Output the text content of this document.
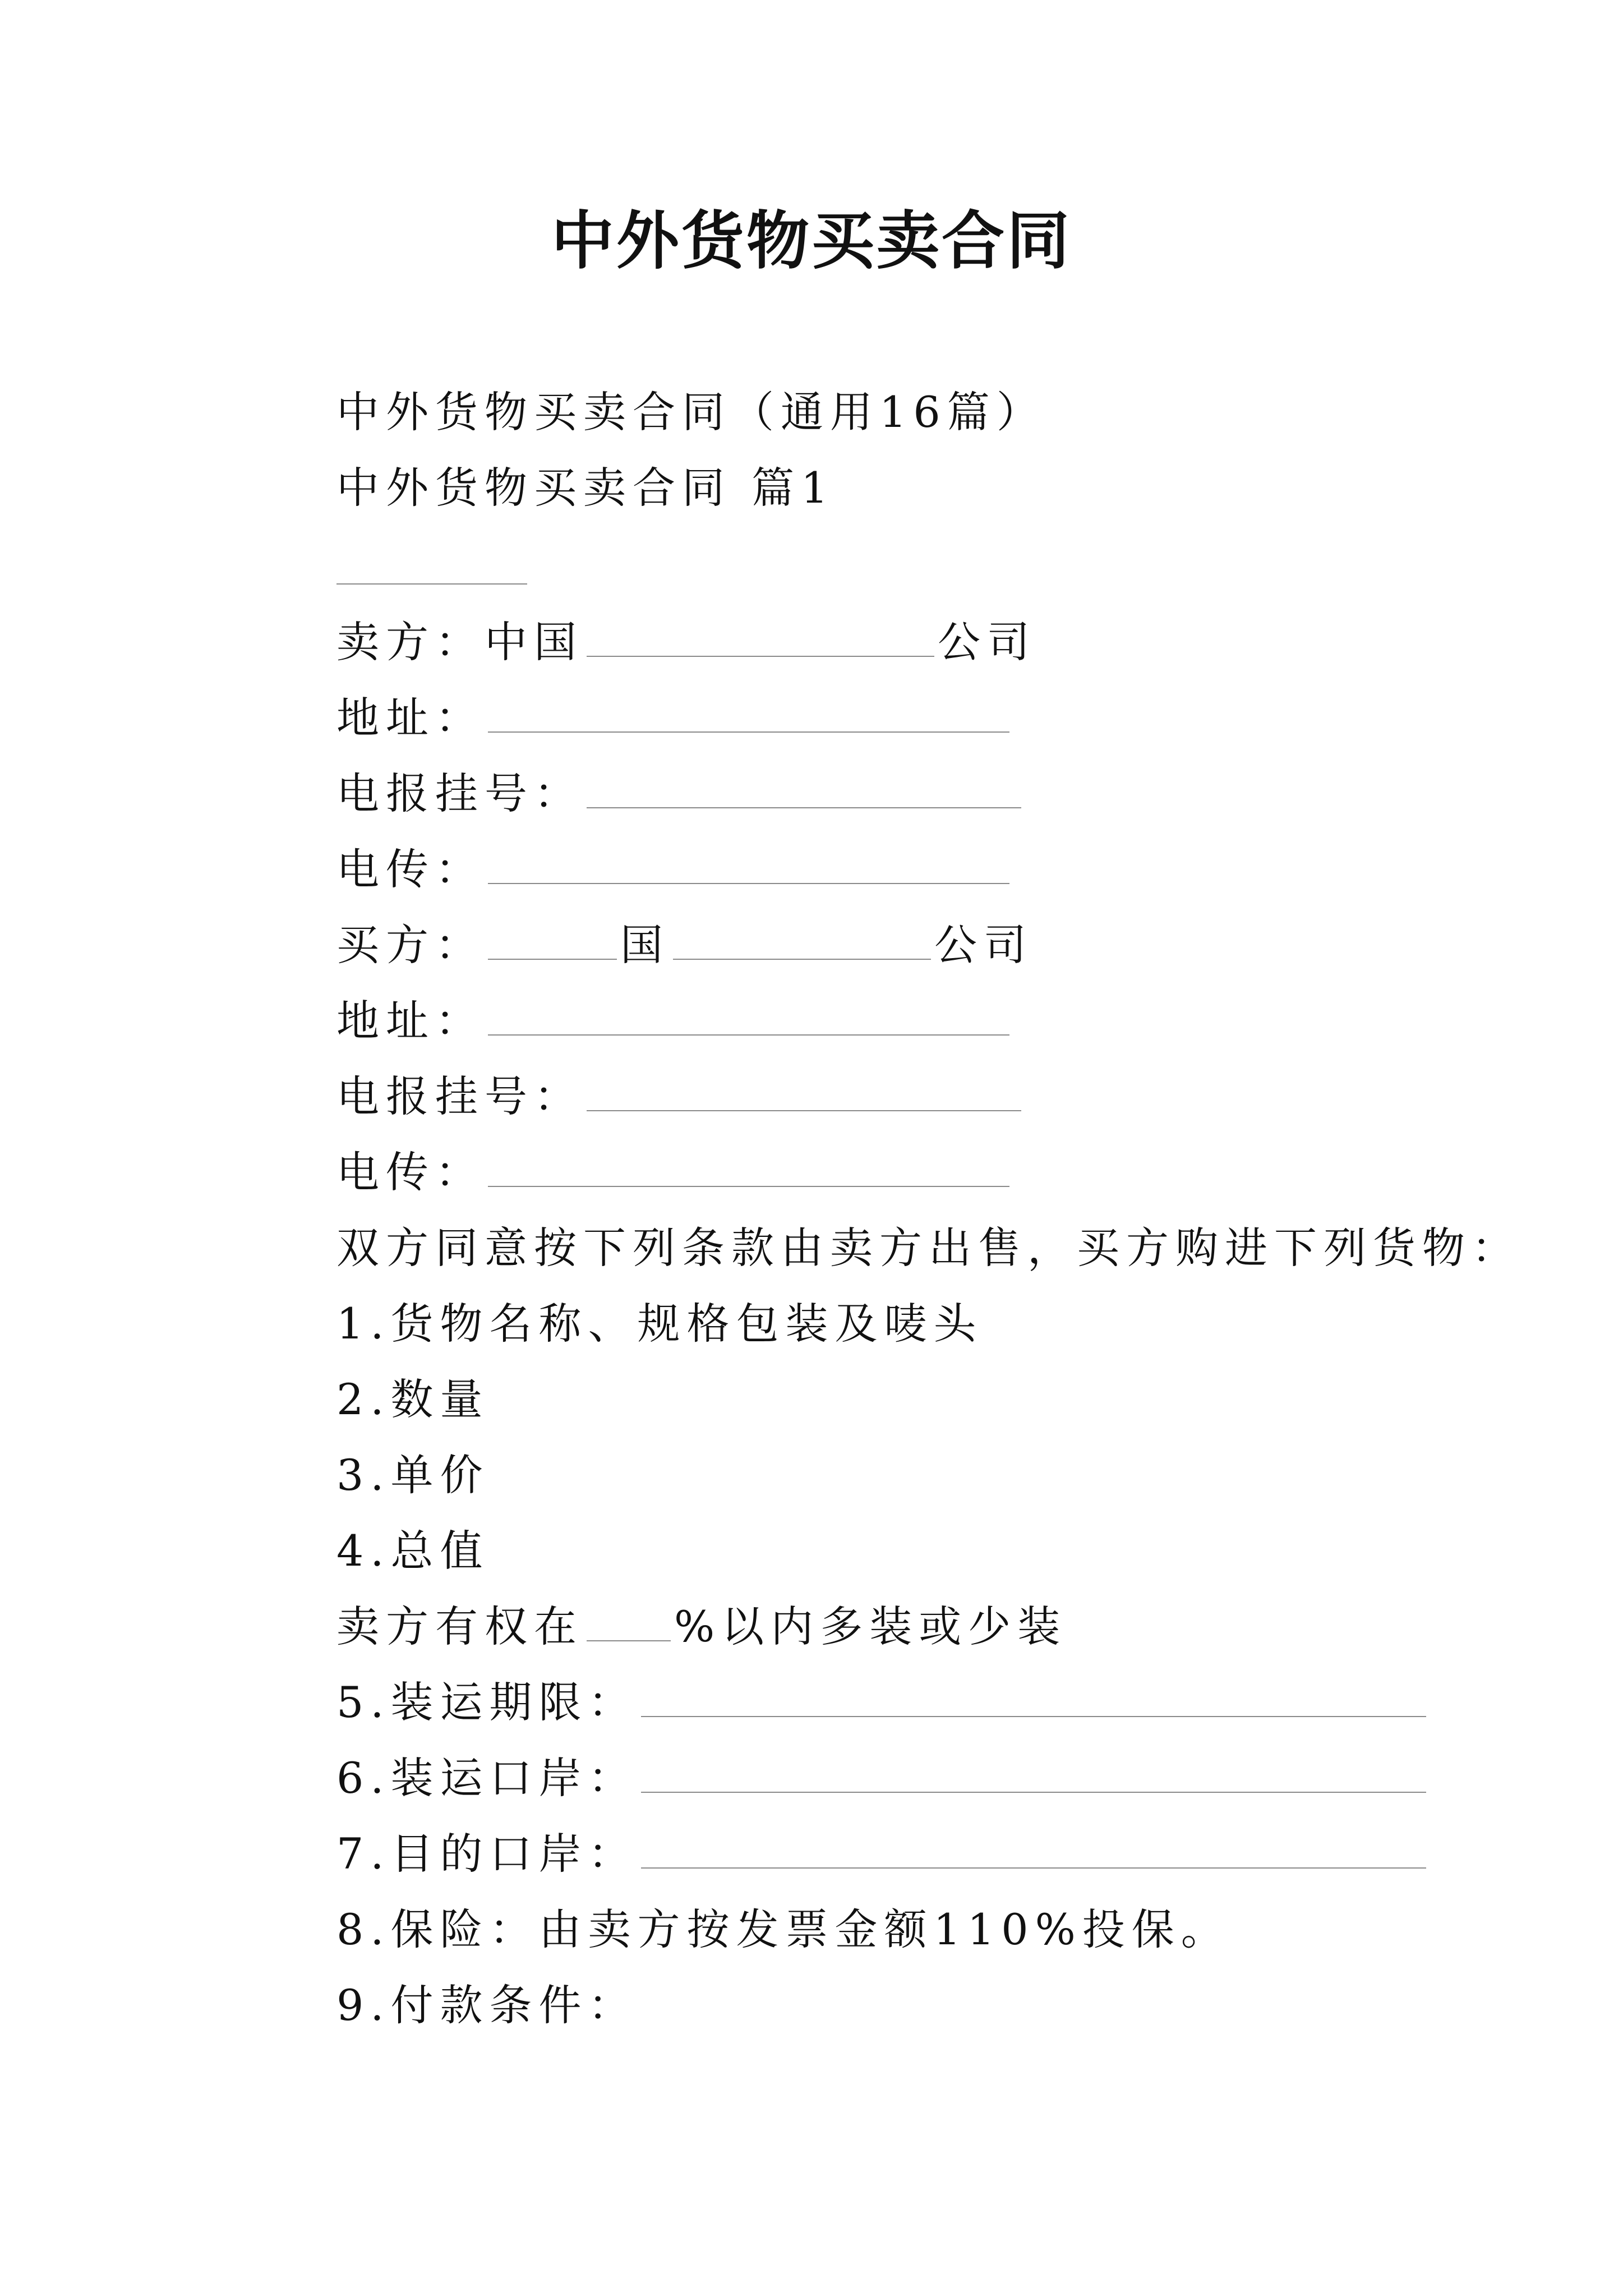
中外货物买卖合同
中外货物买卖合同（通用16篇）
中外货物买卖合同 篇1
卖方：中国	公司
地址：
电报挂号：
电传：
买方：	国	公司
地址：
电报挂号：
电传：
双方同意按下列条款由卖方出售，买方购进下列货物：
1.货物名称、规格包装及唛头
2.数量
3.单价
4.总值
卖方有权在 %以内多装或少装
5.装运期限：
6.装运口岸：
7.目的口岸：
8.保险：由卖方按发票金额110%投保。
9.付款条件：
